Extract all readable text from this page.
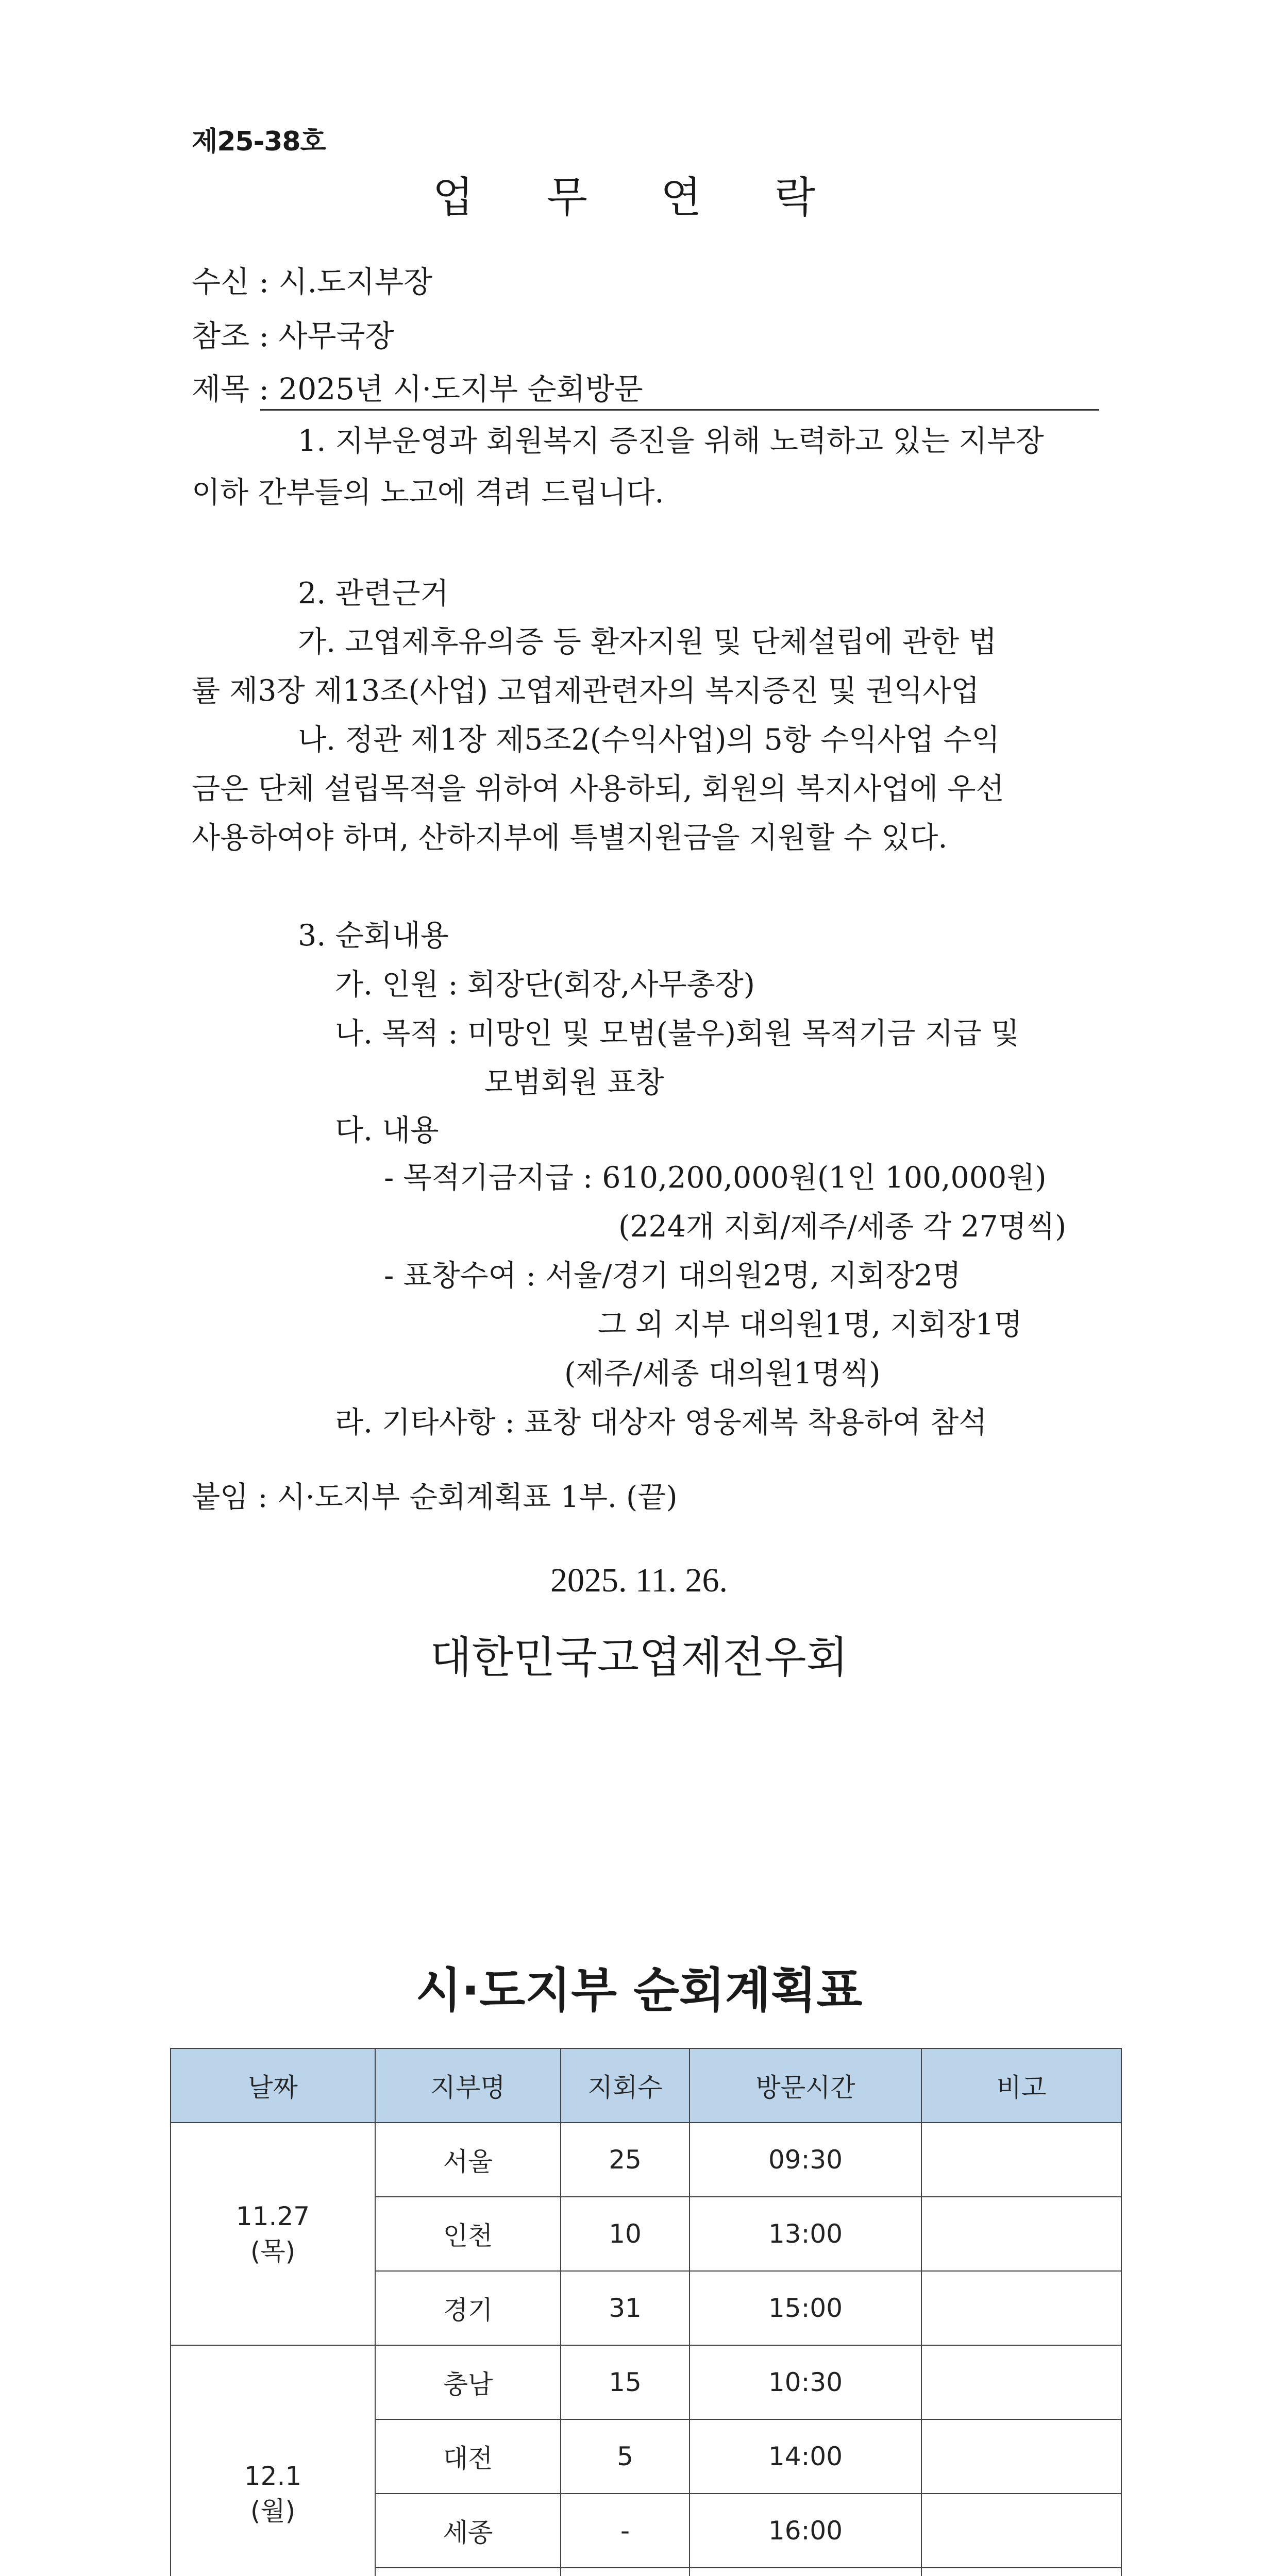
제25-38호
업 무 연 락
수신 : 시.도지부장
참조 : 사무국장
제목 : 2025년 시·도지부 순회방문
1. 지부운영과 회원복지 증진을 위해 노력하고 있는 지부장
이하 간부들의 노고에 격려 드립니다.
2. 관련근거
가. 고엽제후유의증 등 환자지원 및 단체설립에 관한 법
률 제3장 제13조(사업) 고엽제관련자의 복지증진 및 권익사업
나. 정관 제1장 제5조2(수익사업)의 5항 수익사업 수익
금은 단체 설립목적을 위하여 사용하되, 회원의 복지사업에 우선
사용하여야 하며, 산하지부에 특별지원금을 지원할 수 있다.
3. 순회내용
가. 인원 : 회장단(회장,사무총장)
나. 목적 : 미망인 및 모범(불우)회원 목적기금 지급 및
모범회원 표창
다. 내용
- 목적기금지급 : 610,200,000원(1인 100,000원)
(224개 지회/제주/세종 각 27명씩)
- 표창수여 : 서울/경기 대의원2명, 지회장2명
그 외 지부 대의원1명, 지회장1명
(제주/세종 대의원1명씩)
라. 기타사항 : 표창 대상자 영웅제복 착용하여 참석
붙임 : 시·도지부 순회계획표 1부. (끝)
2025. 11. 26.
대한민국고엽제전우회
시·도지부 순회계획표
날짜	지부명	지회수	방문시간	비고
11.27
(목)	서울	25	09:30	
	인천	10	13:00	
	경기	31	15:00	
12.1
(월)	충남	15	10:30	
	대전	5	14:00	
	세종	-	16:00	
